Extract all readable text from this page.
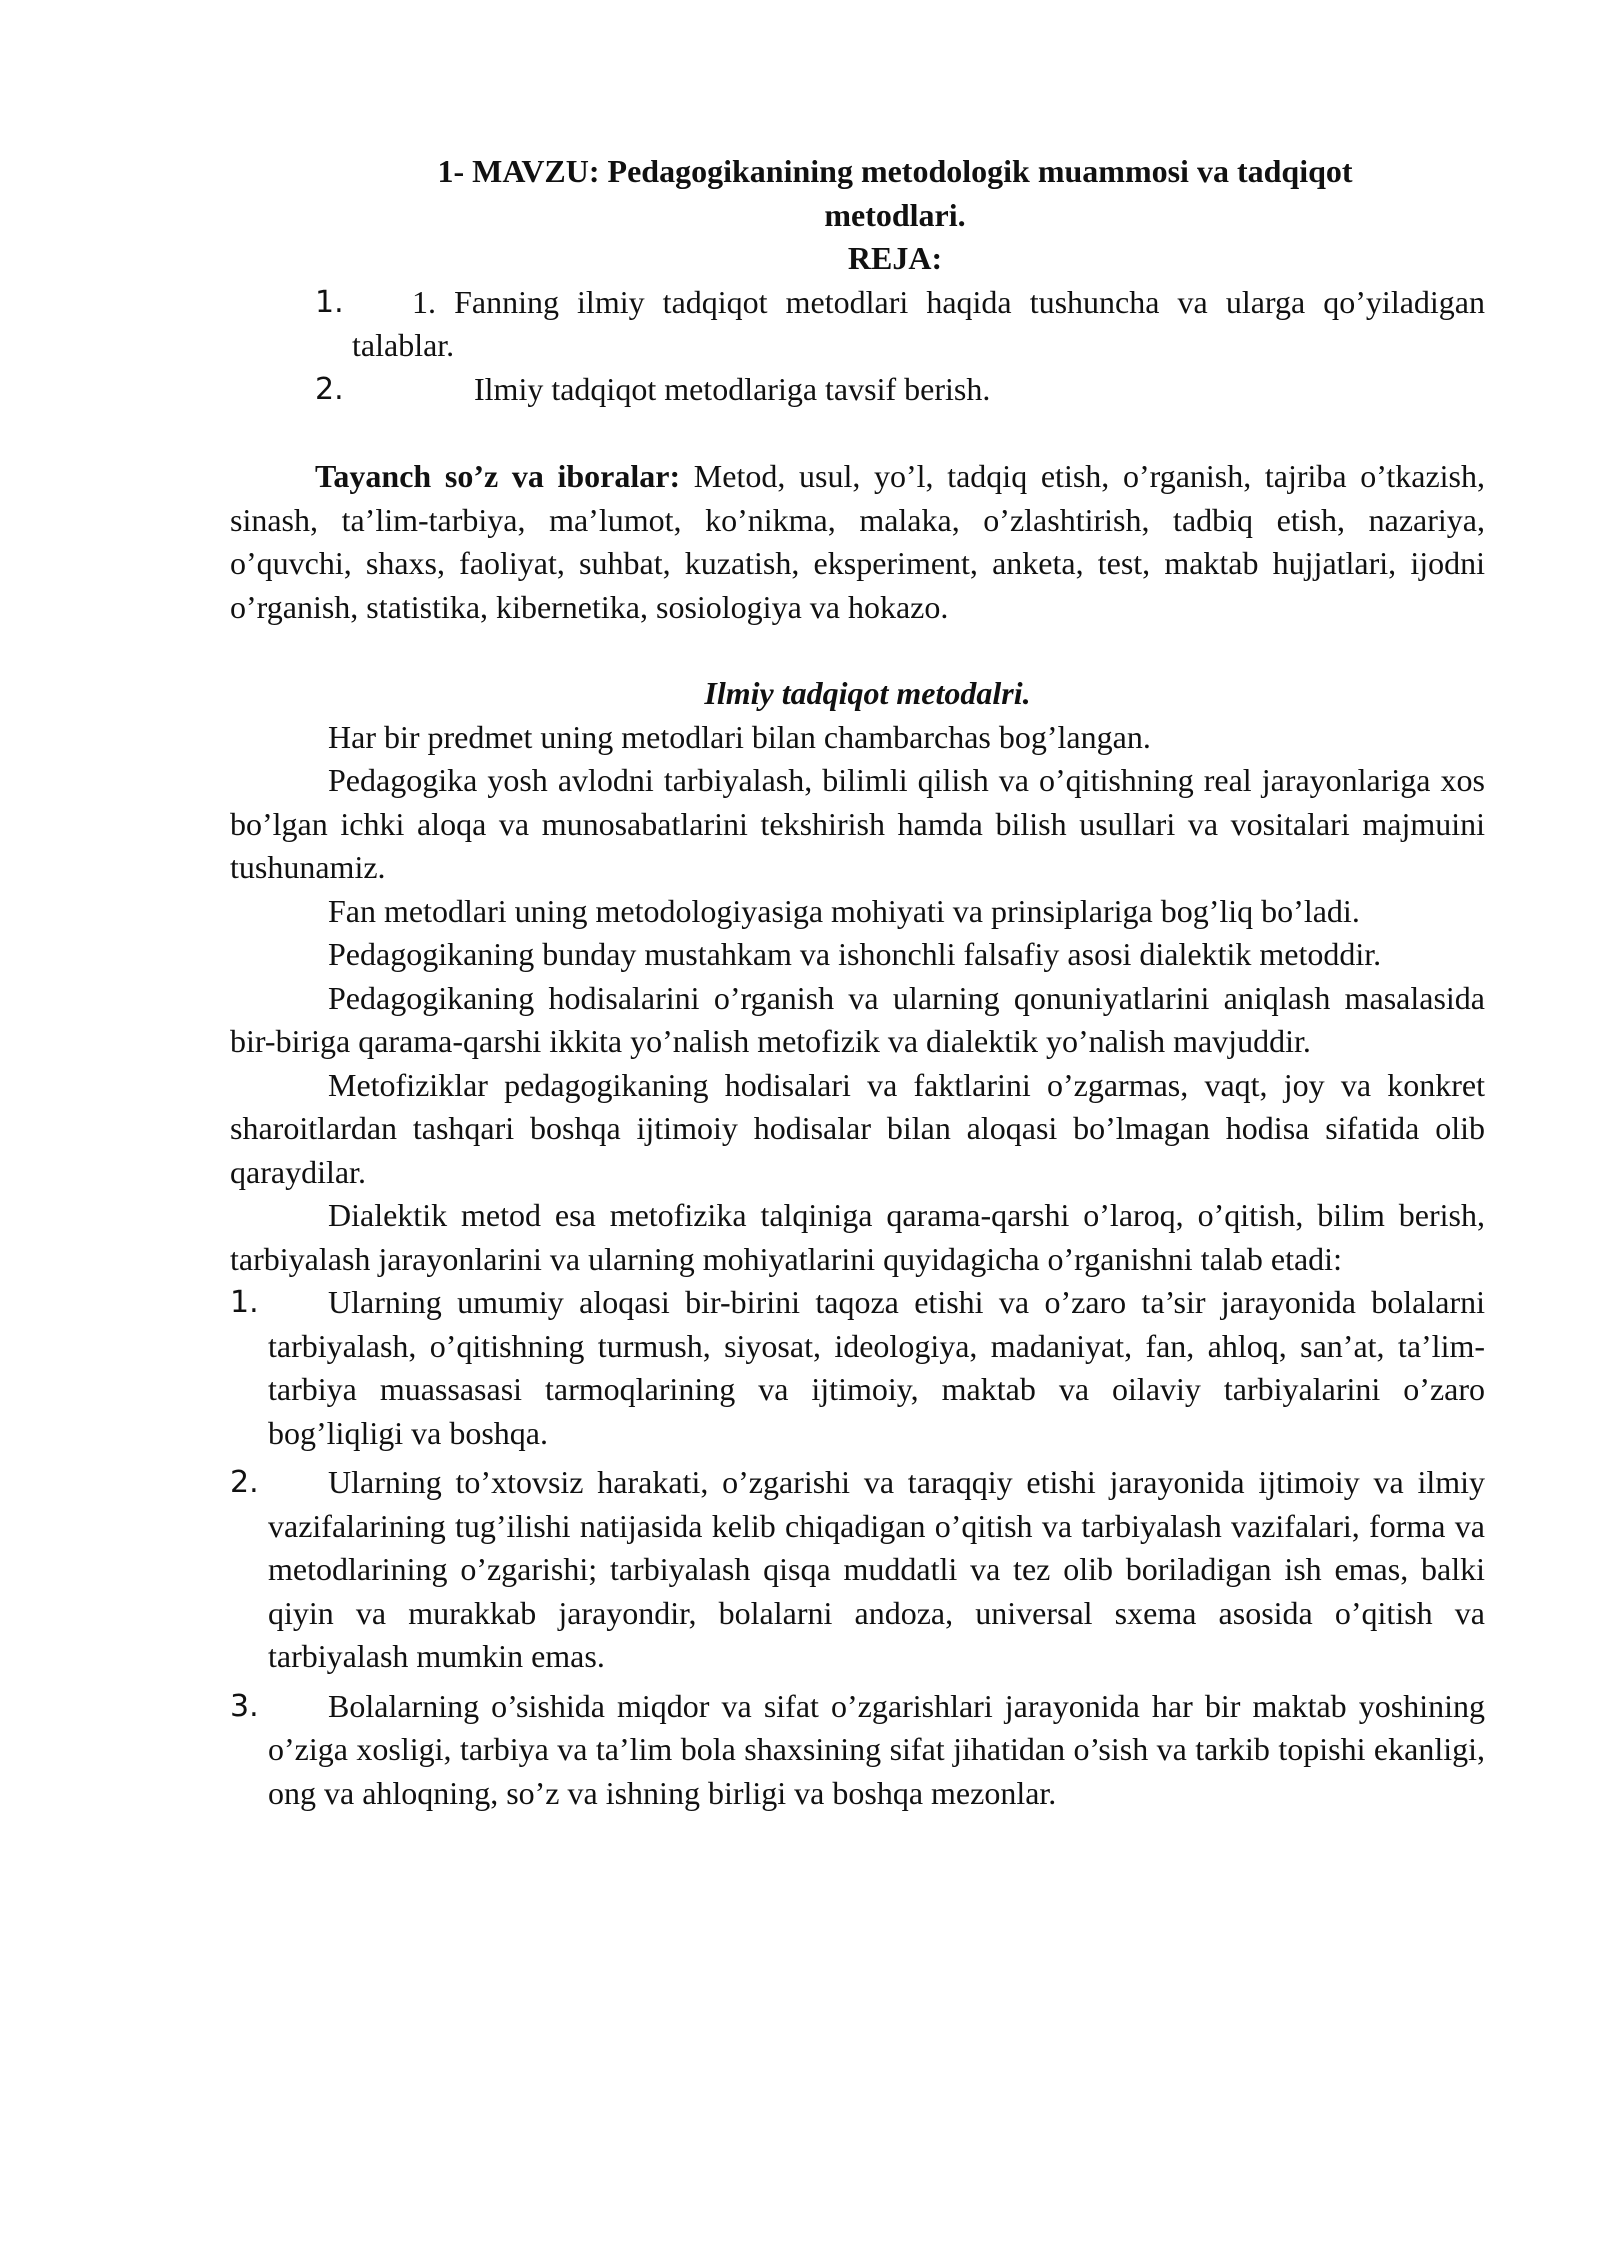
1- MAVZU: Pedagogikanining metodologik muammosi va tadqiqot
metodlari.
REJA:
1.	1. Fanning ilmiy tadqiqot metodlari haqida tushuncha va ularga qo’yiladigan talablar.
2.	Ilmiy tadqiqot metodlariga tavsif berish.
Tayanch so’z va iboralar: Metod, usul, yo’l, tadqiq etish, o’rganish, tajriba o’tkazish, sinash, ta’lim-tarbiya, ma’lumot, ko’nikma, malaka, o’zlashtirish, tadbiq etish, nazariya, o’quvchi, shaxs, faoliyat, suhbat, kuzatish, eksperiment, anketa, test, maktab hujjatlari, ijodni o’rganish, statistika, kibernetika, sosiologiya va hokazo.
Ilmiy tadqiqot metodalri.
Har bir predmet uning metodlari bilan chambarchas bog’langan.
Pedagogika yosh avlodni tarbiyalash, bilimli qilish va o’qitishning real jarayonlariga xos bo’lgan ichki aloqa va munosabatlarini tekshirish hamda bilish usullari va vositalari majmuini tushunamiz.
Fan metodlari uning metodologiyasiga mohiyati va prinsiplariga bog’liq bo’ladi.
Pedagogikaning bunday mustahkam va ishonchli falsafiy asosi dialektik metoddir.
Pedagogikaning hodisalarini o’rganish va ularning qonuniyatlarini aniqlash masalasida bir-biriga qarama-qarshi ikkita yo’nalish metofizik va dialektik yo’nalish mavjuddir.
Metofiziklar pedagogikaning hodisalari va faktlarini o’zgarmas, vaqt, joy va konkret sharoitlardan tashqari boshqa ijtimoiy hodisalar bilan aloqasi bo’lmagan hodisa sifatida olib qaraydilar.
Dialektik metod esa metofizika talqiniga qarama-qarshi o’laroq, o’qitish, bilim berish, tarbiyalash jarayonlarini va ularning mohiyatlarini quyidagicha o’rganishni talab etadi:
1.	Ularning umumiy aloqasi bir-birini taqoza etishi va o’zaro ta’sir jarayonida bolalarni tarbiyalash, o’qitishning turmush, siyosat, ideologiya, madaniyat, fan, ahloq, san’at, ta’lim-tarbiya muassasasi tarmoqlarining va ijtimoiy, maktab va oilaviy tarbiyalarini o’zaro bog’liqligi va boshqa.
2.	Ularning to’xtovsiz harakati, o’zgarishi va taraqqiy etishi jarayonida ijtimoiy va ilmiy vazifalarining tug’ilishi natijasida kelib chiqadigan o’qitish va tarbiyalash vazifalari, forma va metodlarining o’zgarishi; tarbiyalash qisqa muddatli va tez olib boriladigan ish emas, balki qiyin va murakkab jarayondir, bolalarni andoza, universal sxema asosida o’qitish va tarbiyalash mumkin emas.
3.	Bolalarning o’sishida miqdor va sifat o’zgarishlari jarayonida har bir maktab yoshining o’ziga xosligi, tarbiya va ta’lim bola shaxsining sifat jihatidan o’sish va tarkib topishi ekanligi, ong va ahloqning, so’z va ishning birligi va boshqa mezonlar.
